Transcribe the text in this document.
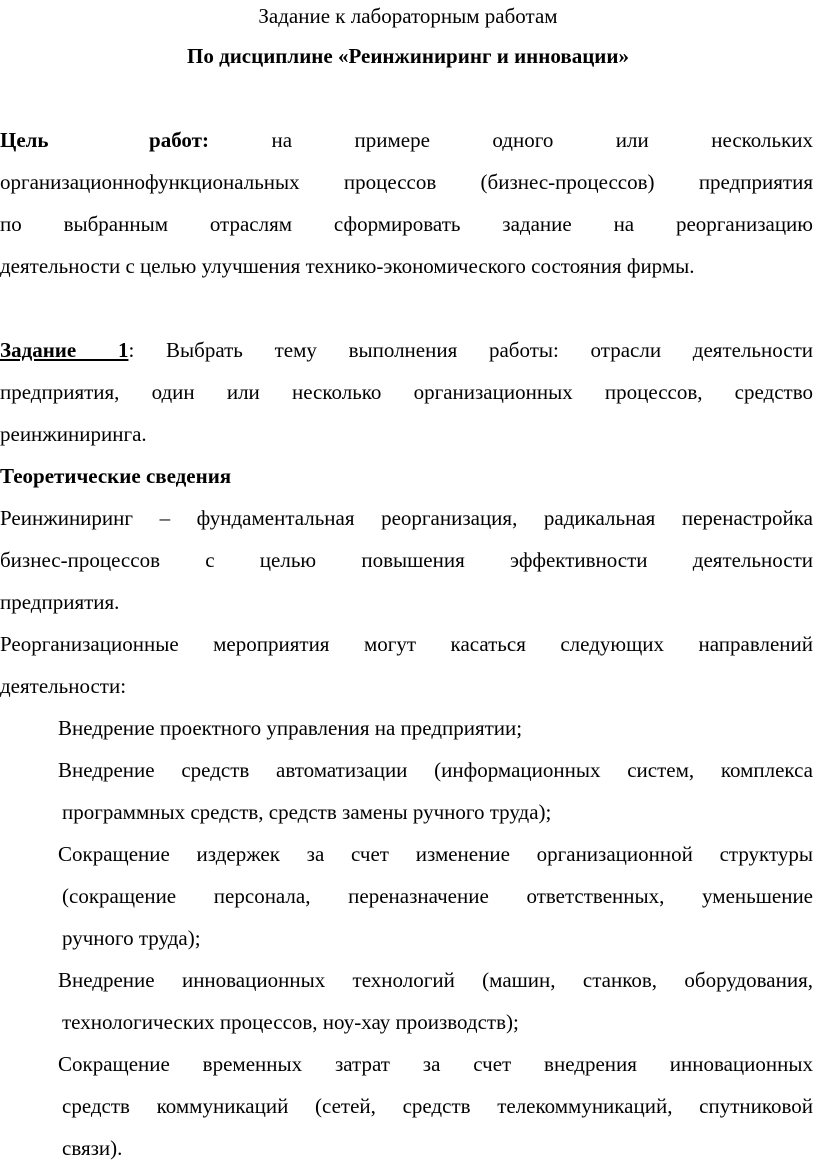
Задание к лабораторным работам
По дисциплине «Реинжиниринг и инновации»
Цель работ:	на примере одного или нескольких
организационнофункциональных процессов (бизнес-процессов) предприятия
по выбранным отраслям сформировать задание на реорганизацию
деятельности с целью улучшения технико-экономического состояния фирмы.
Задание 1: Выбрать тему выполнения работы: отрасли деятельности
предприятия, один или несколько организационных процессов, средство
реинжиниринга.
Теоретические сведения
Реинжиниринг – фундаментальная реорганизация, радикальная перенастройка
бизнес-процессов с целью повышения эффективности деятельности
предприятия.
Реорганизационные мероприятия могут касаться следующих направлений
деятельности:
Внедрение проектного управления на предприятии;
Внедрение средств автоматизации (информационных систем, комплекса
программных средств, средств замены ручного труда);
Сокращение издержек за счет изменение организационной структуры
(сокращение персонала, переназначение ответственных, уменьшение
ручного труда);
Внедрение инновационных технологий (машин, станков, оборудования,
технологических процессов, ноу-хау производств);
Сокращение временных затрат за счет внедрения инновационных
средств коммуникаций (сетей, средств телекоммуникаций, спутниковой
связи).
